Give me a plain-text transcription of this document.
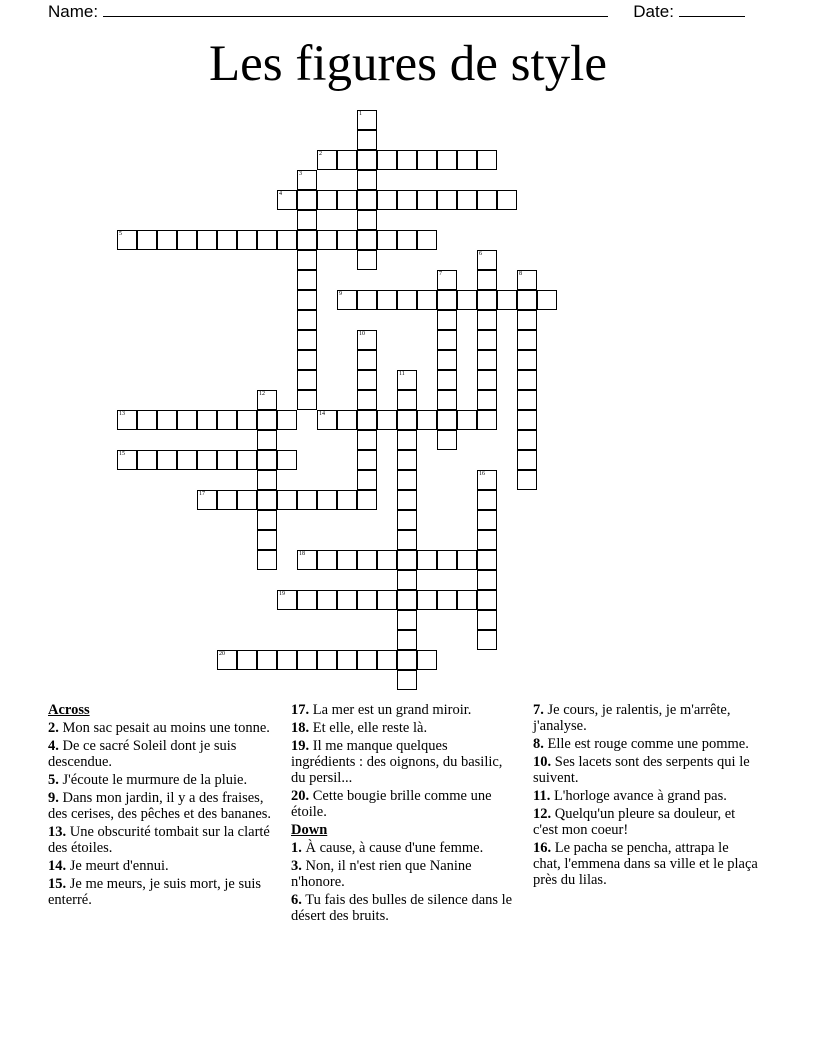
Name:	Date:
Les figures de style
1
2
3
4
5
6
7	8
9
10
11
12
13	14
15
16
17
18
19
20
Across
2. Mon sac pesait au moins une tonne.
4. De ce sacré Soleil dont je suis descendue.
5. J'écoute le murmure de la pluie.
9. Dans mon jardin, il y a des fraises, des cerises, des pêches et des bananes.
13. Une obscurité tombait sur la clarté des étoiles.
14. Je meurt d'ennui.
15. Je me meurs, je suis mort, je suis enterré.
17. La mer est un grand miroir.
18. Et elle, elle reste là.
19. Il me manque quelques ingrédients : des oignons, du basilic, du persil...
20. Cette bougie brille comme une étoile.
Down
1. À cause, à cause d'une femme.
3. Non, il n'est rien que Nanine n'honore.
6. Tu fais des bulles de silence dans le désert des bruits.
7. Je cours, je ralentis, je m'arrête, j'analyse.
8. Elle est rouge comme une pomme.
10. Ses lacets sont des serpents qui le suivent.
11. L'horloge avance à grand pas.
12. Quelqu'un pleure sa douleur, et c'est mon coeur!
16. Le pacha se pencha, attrapa le chat, l'emmena dans sa ville et le plaça près du lilas.
